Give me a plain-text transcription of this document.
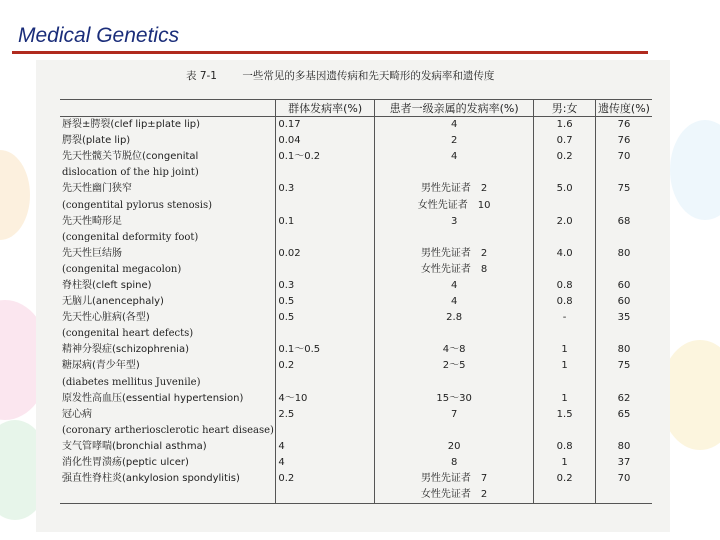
Medical Genetics
表 7-1 一些常见的多基因遗传病和先天畸形的发病率和遗传度
	群体发病率(%)	患者一级亲属的发病率(%)	男:女	遗传度(%)
唇裂±腭裂(clef lip±plate lip)	0.17	4	1.6	76
腭裂(plate lip)	0.04	2	0.7	76
先天性髋关节脱位(congenital	0.1～0.2	4	0.2	70
dislocation of the hip joint)				
先天性幽门狭窄	0.3	男性先证者　2	5.0	75
(congentital pylorus stenosis)		女性先证者　10		
先天性畸形足	0.1	3	2.0	68
(congenital deformity foot)				
先天性巨结肠	0.02	男性先证者　2	4.0	80
(congenital megacolon)		女性先证者　8		
脊柱裂(cleft spine)	0.3	4	0.8	60
无脑儿(anencephaly)	0.5	4	0.8	60
先天性心脏病(各型)	0.5	2.8	-	35
(congenital heart defects)				
精神分裂症(schizophrenia)	0.1～0.5	4～8	1	80
糖尿病(青少年型)	0.2	2～5	1	75
(diabetes mellitus Juvenile)				
原发性高血压(essential hypertension)	4～10	15～30	1	62
冠心病	2.5	7	1.5	65
(coronary artheriosclerotic heart disease)				
支气管哮喘(bronchial asthma)	4	20	0.8	80
消化性胃溃疡(peptic ulcer)	4	8	1	37
强直性脊柱炎(ankylosion spondylitis)	0.2	男性先证者　7	0.2	70
		女性先证者　2		
